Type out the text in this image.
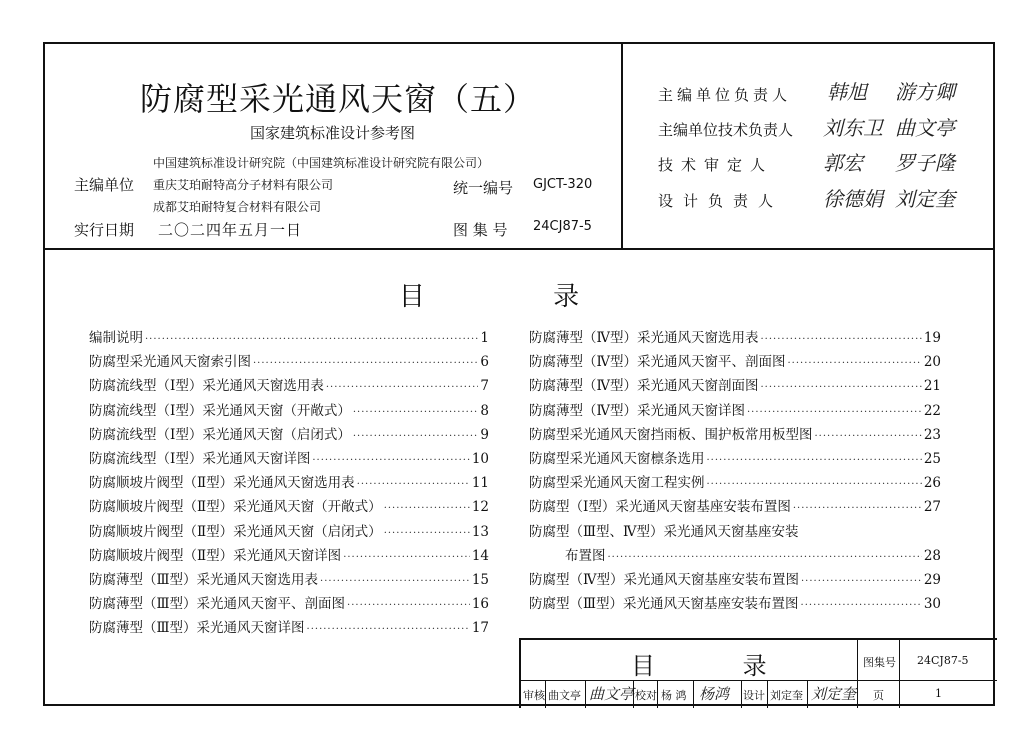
防腐型采光通风天窗（五）
国家建筑标准设计参考图
中国建筑标准设计研究院（中国建筑标准设计研究院有限公司）
主编单位 重庆艾珀耐特高分子材料有限公司
成都艾珀耐特复合材料有限公司
统一编号 GJCT-320
实行日期 二〇二四年五月一日	图 集 号 24CJ87-5
主编单位负责人 韩旭 游方卿
主编单位技术负责人 刘东卫 曲文亭
技术审定人 郭宏 罗子隆
设计负责人 徐德娟 刘定奎
目 录
编制说明 ·····	1
防腐型采光通风天窗索引图 ·····	6
防腐流线型（Ⅰ型）采光通风天窗选用表 ·····	7
防腐流线型（Ⅰ型）采光通风天窗（开敞式） ·····	8
防腐流线型（Ⅰ型）采光通风天窗（启闭式） ·····	9
防腐流线型（Ⅰ型）采光通风天窗详图 ·····	10
防腐顺坡片阀型（Ⅱ型）采光通风天窗选用表 ·····	11
防腐顺坡片阀型（Ⅱ型）采光通风天窗（开敞式） ·····	12
防腐顺坡片阀型（Ⅱ型）采光通风天窗（启闭式） ·····	13
防腐顺坡片阀型（Ⅱ型）采光通风天窗详图 ·····	14
防腐薄型（Ⅲ型）采光通风天窗选用表 ·····	15
防腐薄型（Ⅲ型）采光通风天窗平、剖面图 ·····	16
防腐薄型（Ⅲ型）采光通风天窗详图 ·····	17
防腐薄型（Ⅳ型）采光通风天窗选用表 ·····	19
防腐薄型（Ⅳ型）采光通风天窗平、剖面图 ·····	20
防腐薄型（Ⅳ型）采光通风天窗剖面图 ·····	21
防腐薄型（Ⅳ型）采光通风天窗详图 ·····	22
防腐型采光通风天窗挡雨板、围护板常用板型图 ·····	23
防腐型采光通风天窗檩条选用 ·····	25
防腐型采光通风天窗工程实例 ·····	26
防腐型（Ⅰ型）采光通风天窗基座安装布置图 ·····	27
防腐型（Ⅲ型、Ⅳ型）采光通风天窗基座安装
布置图 ·····	28
防腐型（Ⅳ型）采光通风天窗基座安装布置图 ·····	29
防腐型（Ⅲ型）采光通风天窗基座安装布置图 ·····	30
目 录	图集号 24CJ87-5
审核 曲文亭 曲文亭 校对 杨 鸿 杨鸿 设计 刘定奎 刘定奎 页	1
